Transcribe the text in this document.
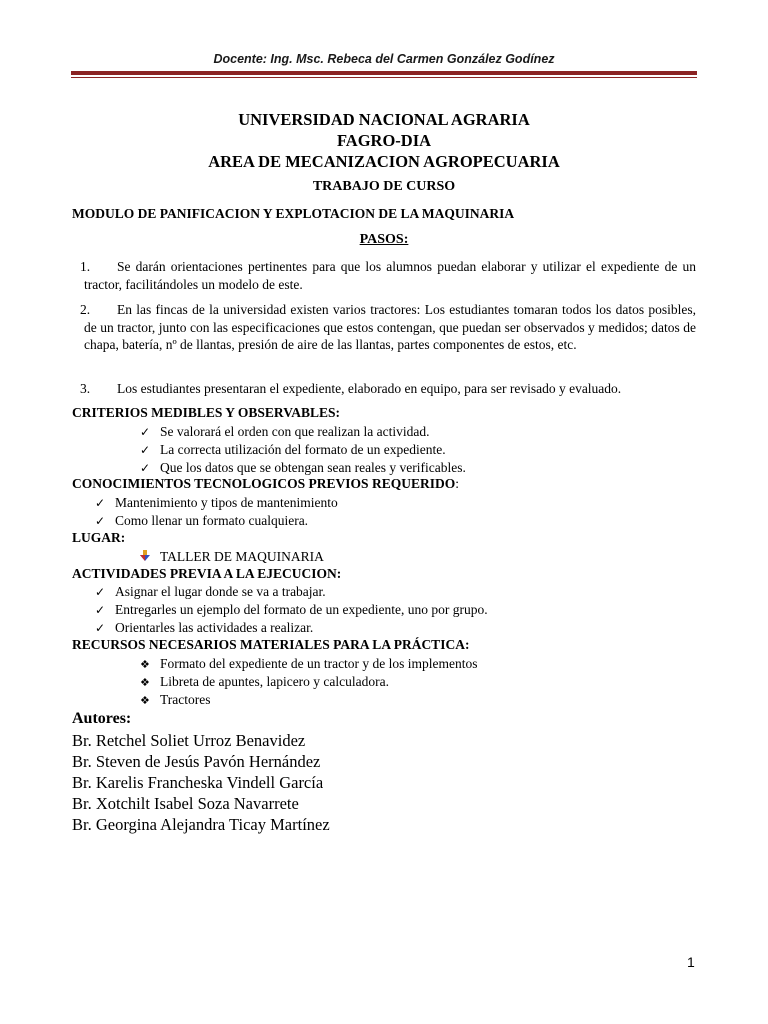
Docente: Ing. Msc. Rebeca del Carmen González Godínez
UNIVERSIDAD NACIONAL AGRARIA
FAGRO-DIA
AREA DE MECANIZACION AGROPECUARIA
TRABAJO DE CURSO
MODULO DE PANIFICACION Y EXPLOTACION DE LA MAQUINARIA
PASOS:
1.	Se darán orientaciones pertinentes para que los alumnos puedan elaborar y utilizar el expediente de un tractor, facilitándoles un modelo de este.
2.	En las fincas de la universidad existen varios tractores: Los estudiantes tomaran todos los datos posibles, de un tractor, junto con las especificaciones que estos contengan, que puedan ser observados y medidos; datos de chapa, batería, nº de llantas, presión de aire de las llantas, partes componentes de estos, etc.
3.	Los estudiantes presentaran el expediente, elaborado en equipo, para ser revisado y evaluado.
CRITERIOS MEDIBLES Y OBSERVABLES:
✓Se valorará el orden con que realizan la actividad.
✓La correcta utilización del formato de un expediente.
✓Que los datos que se obtengan sean reales y verificables.
CONOCIMIENTOS TECNOLOGICOS PREVIOS REQUERIDO:
✓Mantenimiento y tipos de mantenimiento
✓Como llenar un formato cualquiera.
LUGAR:
TALLER DE MAQUINARIA
ACTIVIDADES PREVIA A LA EJECUCION:
✓Asignar el lugar donde se va a trabajar.
✓Entregarles un ejemplo del formato de un expediente, uno por grupo.
✓Orientarles las actividades a realizar.
RECURSOS NECESARIOS MATERIALES PARA LA PRÁCTICA:
❖Formato del expediente de un tractor y de los implementos
❖Libreta de apuntes, lapicero y calculadora.
❖Tractores
Autores:
Br. Retchel Soliet Urroz Benavidez
Br. Steven de Jesús Pavón Hernández
Br. Karelis Francheska Vindell García
Br. Xotchilt Isabel Soza Navarrete
Br. Georgina Alejandra Ticay Martínez
1
